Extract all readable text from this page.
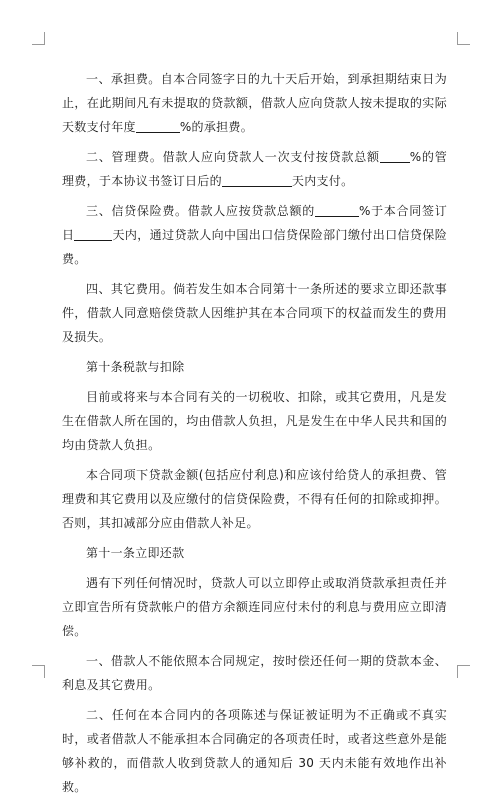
一、承担费。自本合同签字日的九十天后开始，到承担期结束日为止，在此期间凡有未提取的贷款额，借款人应向贷款人按未提取的实际天数支付年度	%的承担费。

二、管理费。借款人应向贷款人一次支付按贷款总额	%的管理费，于本协议书签订日后的	天内支付。

三、信贷保险费。借款人应按贷款总额的	%于本合同签订日	天内，通过贷款人向中国出口信贷保险部门缴付出口信贷保险费。

四、其它费用。倘若发生如本合同第十一条所述的要求立即还款事件，借款人同意赔偿贷款人因维护其在本合同项下的权益而发生的费用及损失。

第十条税款与扣除

目前或将来与本合同有关的一切税收、扣除，或其它费用，凡是发生在借款人所在国的，均由借款人负担，凡是发生在中华人民共和国的均由贷款人负担。

本合同项下贷款金额(包括应付利息)和应该付给贷人的承担费、管理费和其它费用以及应缴付的信贷保险费，不得有任何的扣除或抑押。否则，其扣减部分应由借款人补足。

第十一条立即还款

遇有下列任何情况时，贷款人可以立即停止或取消贷款承担责任并立即宣告所有贷款帐户的借方余额连同应付未付的利息与费用应立即清偿。

一、借款人不能依照本合同规定，按时偿还任何一期的贷款本金、利息及其它费用。

二、任何在本合同内的各项陈述与保证被证明为不正确或不真实时，或者借款人不能承担本合同确定的各项责任时，或者这些意外是能够补救的，而借款人收到贷款人的通知后 30 天内未能有效地作出补救。
